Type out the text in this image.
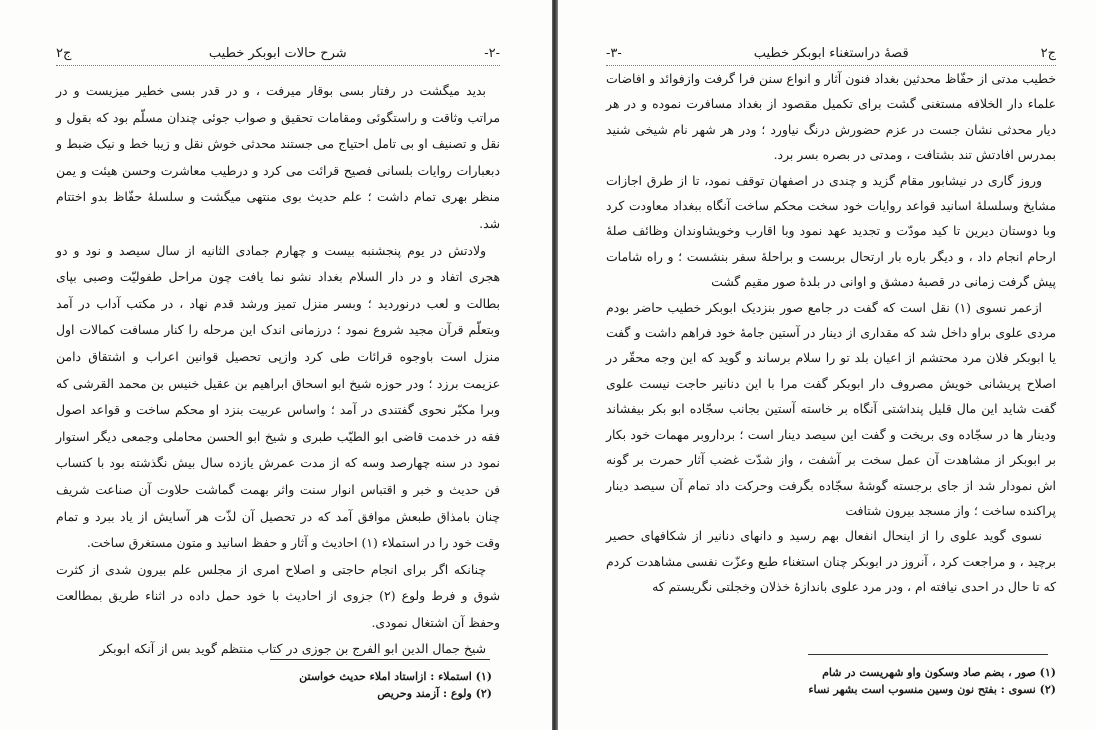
ج۲	شرح حالات ابوبکر خطیب	-۲-

بدید میگشت در رفتار بسی بوقار میرفت ، و در قدر بسی خطیر میزیست و در مراتب وثاقت و راستگوئی ومقامات تحقیق و صواب جوئی چندان مسلّم بود که بقول و نقل و تصنیف او بی تامل احتیاج می جستند محدثی خوش نقل و زیبا خط و نیک ضبط و دبعبارات روایات بلسانی فصیح قرائت می کرد و درطیب معاشرت وحسن هیئت و یمن منظر بهری تمام داشت ؛ علم حدیث بوی منتهی میگشت و سلسلهٔ حفّاظ بدو اختتام شد.

ولادتش در یوم پنجشنبه بیست و چهارم جمادی الثانیه از سال سیصد و نود و دو هجری اتفاد و در دار السلام بغداد نشو نما یافت چون مراحل طفولیّت وصبی بپای بطالت و لعب درنوردید ؛ وبسر منزل تمیز ورشد قدم نهاد ، در مکتب آداب در آمد وبتعلّم قرآن مجید شروع نمود ؛ درزمانی اندک این مرحله را کنار مسافت کمالات اول منزل است باوجوه قرائات طی کرد وازپی تحصیل قوانین اعراب و اشتقاق دامن عزیمت برزد ؛ ودر حوزه شیخ ابو اسحاق ابراهیم بن عقیل خنیس بن محمد القرشی که وبرا مکبّر نحوی گفتندی در آمد ؛ واساس عربیت بنزد او محکم ساخت و قواعد اصول فقه در خدمت قاضی ابو الطیّب طبری و شیخ ابو الحسن محاملی وجمعی دیگر استوار نمود در سنه چهارصد وسه که از مدت عمرش یازده سال بیش نگذشته بود با کتساب فن حدیث و خبر و اقتباس انوار سنت واثر بهمت گماشت حلاوت آن صناعت شریف چنان بامذاق طبعش موافق آمد که در تحصیل آن لذّت هر آسایش از یاد ببرد و تمام وقت خود را در استملاء (۱) احادیث و آثار و حفظ اسانید و متون مستغرق ساخت.

چنانکه اگر برای انجام حاجتی و اصلاح امری از مجلس علم بیرون شدی از کثرت شوق و فرط ولوع (۲) جزوی از احادیث با خود حمل داده در اثناء طریق بمطالعت وحفظ آن اشتغال نمودی.

شیخ جمال الدین ابو الفرج بن جوزی در کتاب منتظم گوید بس از آنکه ابوبکر

(۱) استملاء : ازاستاد املاء حدیث خواستن
(۲) ولوع : آزمند وحریص
-۳-	قصهٔ دراستغناء ابوبکر خطیب	ج۲

خطیب مدتی از حفّاظ محدثین بغداد فنون آثار و انواع سنن فرا گرفت وازفوائد و افاضات علماء دار الخلافه مستغنی گشت برای تکمیل مقصود از بغداد مسافرت نموده و در هر دیار محدثی نشان جست در عزم حضورش درنگ نیاورد ؛ ودر هر شهر نام شیخی شنید بمدرس افادتش تند بشتافت ، ومدتی در بصره بسر برد.

وروز گاری در نیشابور مقام گزید و چندی در اصفهان توقف نمود، تا از طرق اجازات مشایخ وسلسلهٔ اسانید قواعد روایات خود سخت محکم ساخت آنگاه ببغداد معاودت کرد وبا دوستان دیرین تا کید مودّت و تجدید عهد نمود وبا اقارب وخویشاوندان وظائف صلهٔ ارحام انجام داد ، و دیگر باره بار ارتحال بربست و براحلهٔ سفر بنشست ؛ و راه شامات پیش گرفت زمانی در قصبهٔ دمشق و اوانی در بلدهٔ صور مقیم گشت

ازعمر نسوی (۱) نقل است که گفت در جامع صور بنزدیک ابوبکر خطیب حاضر بودم مردی علوی براو داخل شد که مقداری از دینار در آستین جامهٔ خود فراهم داشت و گفت یا ابوبکر فلان مرد محتشم از اعیان بلد تو را سلام برساند و گوید که این وجه محقّر در اصلاح پریشانی خویش مصروف دار ابوبکر گفت مرا با این دنانیر حاجت نیست علوی گفت شاید این مال قلیل پنداشتی آنگاه بر خاسته آستین بجانب سجّاده ابو بکر بیفشاند ودینار ها در سجّاده وی بریخت و گفت این سیصد دینار است ؛ برداروبر مهمات خود بکار بر ابوبکر از مشاهدت آن عمل سخت بر آشفت ، واز شدّت غضب آثار حمرت بر گونه اش نمودار شد از جای برجسته گوشهٔ سجّاده بگرفت وحرکت داد تمام آن سیصد دینار پراکنده ساخت ؛ واز مسجد بیرون شتافت

نسوی گوید علوی را از اینحال انفعال بهم رسید و دانهای دنانیر از شکافهای حصیر برچید ، و مراجعت کرد ، آنروز در ابوبکر چنان استغناء طبع وعزّت نفسی مشاهدت کردم که تا حال در احدی نیافته ام ، ودر مرد علوی باندازهٔ خذلان وخجلتی نگریستم که

(۱) صور ، بضم صاد وسکون واو شهریست در شام
(۲) نسوی : بفتح نون وسین منسوب است بشهر نساء
